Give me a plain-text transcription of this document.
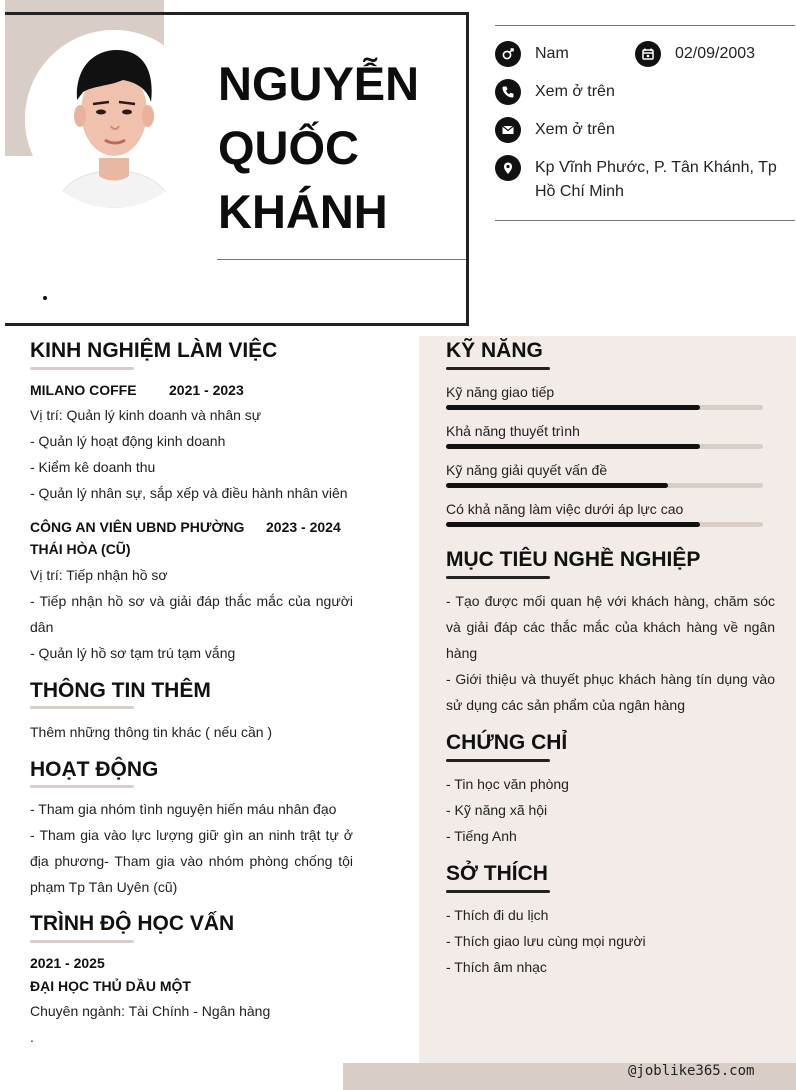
NGUYỄN
QUỐC
KHÁNH
Nam	02/09/2003
Xem ở trên
Xem ở trên
Kp Vĩnh Phước, P. Tân Khánh, Tp Hồ Chí Minh
KINH NGHIỆM LÀM VIỆC
MILANO COFFE 2021 - 2023
Vị trí: Quản lý kinh doanh và nhân sự
- Quản lý hoạt động kinh doanh
- Kiểm kê doanh thu
- Quản lý nhân sự, sắp xếp và điều hành nhân viên
CÔNG AN VIÊN UBND PHƯỜNG THÁI HÒA (CŨ)
2023 - 2024
Vị trí: Tiếp nhận hồ sơ
- Tiếp nhận hồ sơ và giải đáp thắc mắc của người dân
- Quản lý hồ sơ tạm trú tạm vắng
THÔNG TIN THÊM
Thêm những thông tin khác ( nếu cần )
HOẠT ĐỘNG
- Tham gia nhóm tình nguyện hiến máu nhân đạo
- Tham gia vào lực lượng giữ gìn an ninh trật tự ở địa phương- Tham gia vào nhóm phòng chống tội phạm Tp Tân Uyên (cũ)
TRÌNH ĐỘ HỌC VẤN
2021 - 2025
ĐẠI HỌC THỦ DẦU MỘT
Chuyên ngành: Tài Chính - Ngân hàng
.
KỸ NĂNG
Kỹ năng giao tiếp
Khả năng thuyết trình
Kỹ năng giải quyết vấn đề
Có khả năng làm việc dưới áp lực cao
MỤC TIÊU NGHỀ NGHIỆP
- Tạo được mối quan hệ với khách hàng, chăm sóc và giải đáp các thắc mắc của khách hàng về ngân hàng
- Giới thiệu và thuyết phục khách hàng tín dụng vào sử dụng các sản phẩm của ngân hàng
CHỨNG CHỈ
- Tin học văn phòng
- Kỹ năng xã hội
- Tiếng Anh
SỞ THÍCH
- Thích đi du lịch
- Thích giao lưu cùng mọi người
- Thích âm nhạc
@joblike365.com
